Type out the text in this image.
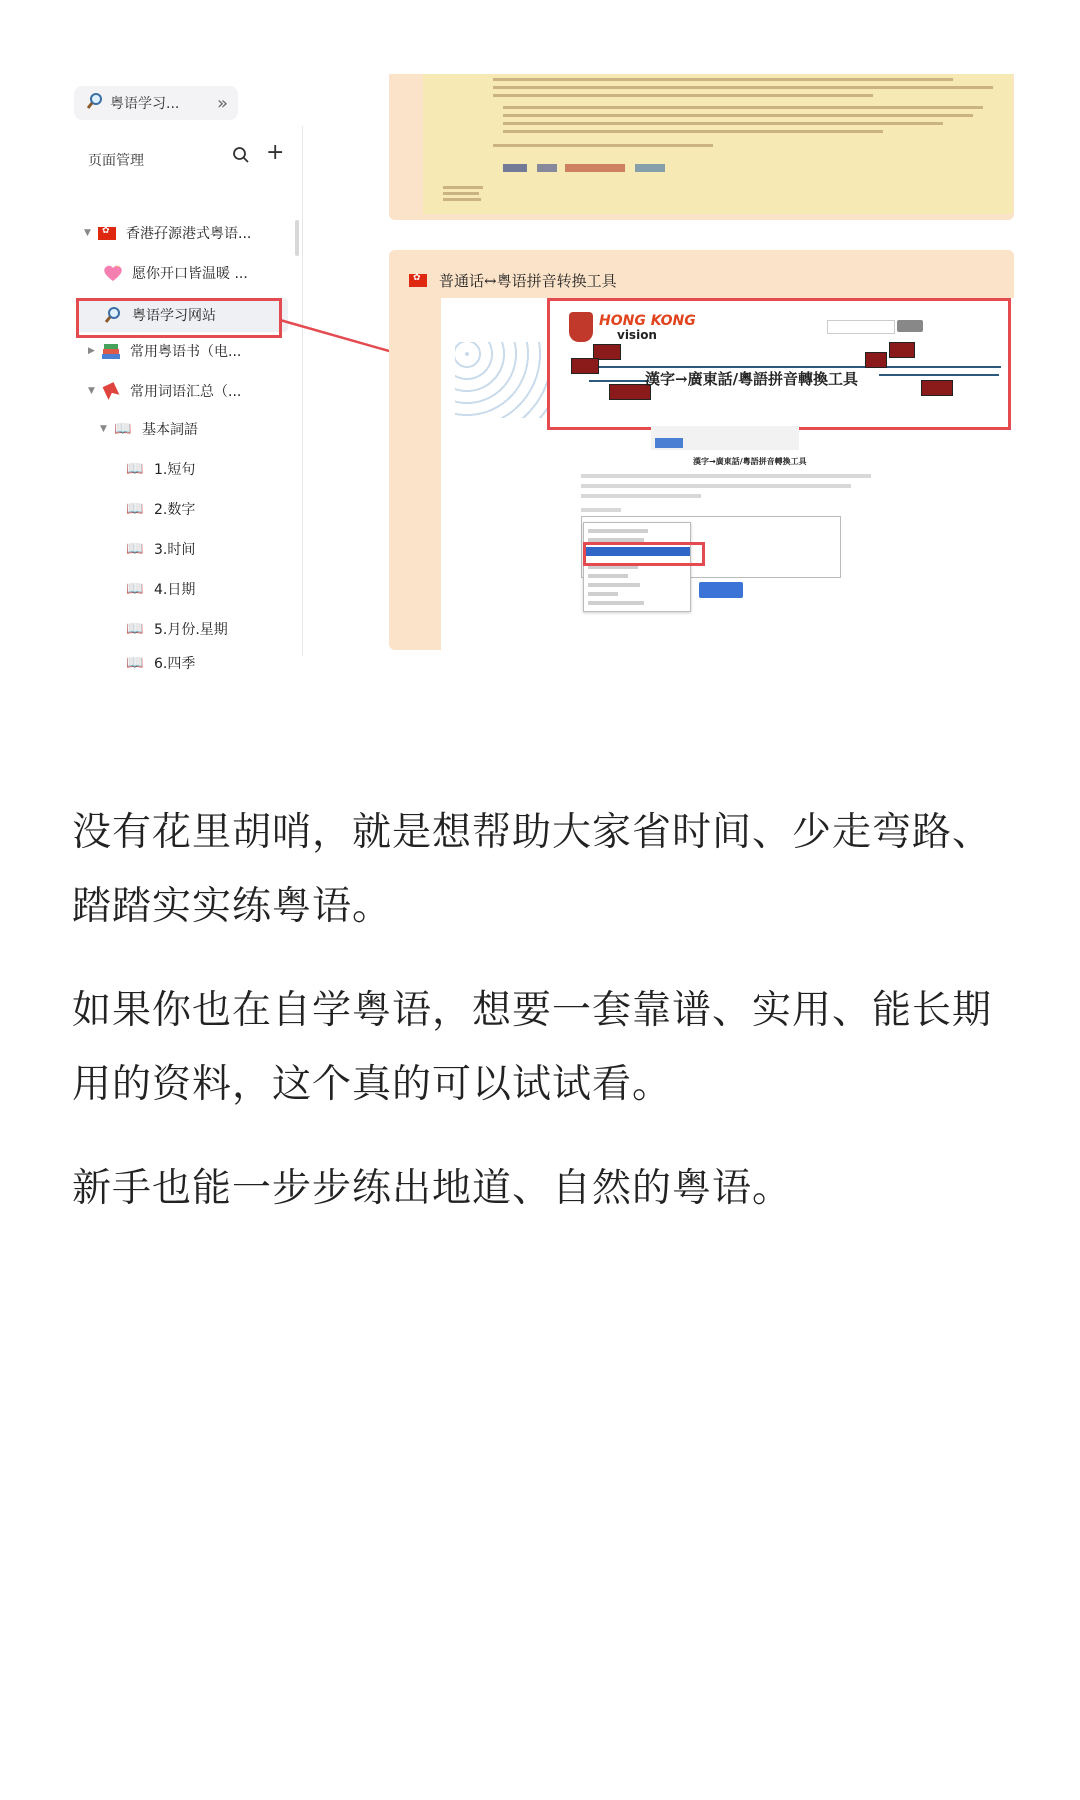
粤语学习... »
页面管理	+
▼
✿	香港孖源港式粤语...
愿你开口皆温暖 ...
粤语学习网站
▶	常用粤语书（电...
▼	常用词语汇总（...
▼ 📖 基本詞語
📖 1.短句
📖 2.数字
📖 3.时间
📖 4.日期
📖 5.月份.星期
📖 6.四季
✿
普通话↔粤语拼音转换工具
HONG KONG
vision
漢字→廣東話/粵語拼音轉換工具
漢字→廣東話/粵語拼音轉換工具

没有花里胡哨，就是想帮助大家省时间、少走弯路、踏踏实实练粤语。

如果你也在自学粤语，想要一套靠谱、实用、能长期用的资料，这个真的可以试试看。

新手也能一步步练出地道、自然的粤语。
